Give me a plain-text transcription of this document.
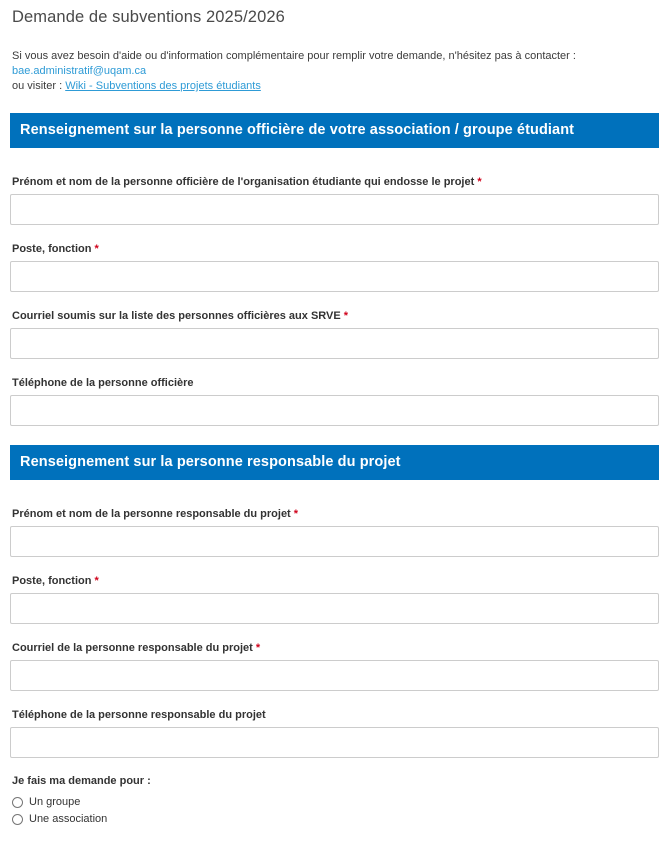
Demande de subventions 2025/2026
Si vous avez besoin d'aide ou d'information complémentaire pour remplir votre demande, n'hésitez pas à contacter :
bae.administratif@uqam.ca
ou visiter : Wiki - Subventions des projets étudiants
Renseignement sur la personne officière de votre association / groupe étudiant
Prénom et nom de la personne officière de l'organisation étudiante qui endosse le projet *
Poste, fonction *
Courriel soumis sur la liste des personnes officières aux SRVE *
Téléphone de la personne officière
Renseignement sur la personne responsable du projet
Prénom et nom de la personne responsable du projet *
Poste, fonction *
Courriel de la personne responsable du projet *
Téléphone de la personne responsable du projet
Je fais ma demande pour :
Un groupe
Une association
